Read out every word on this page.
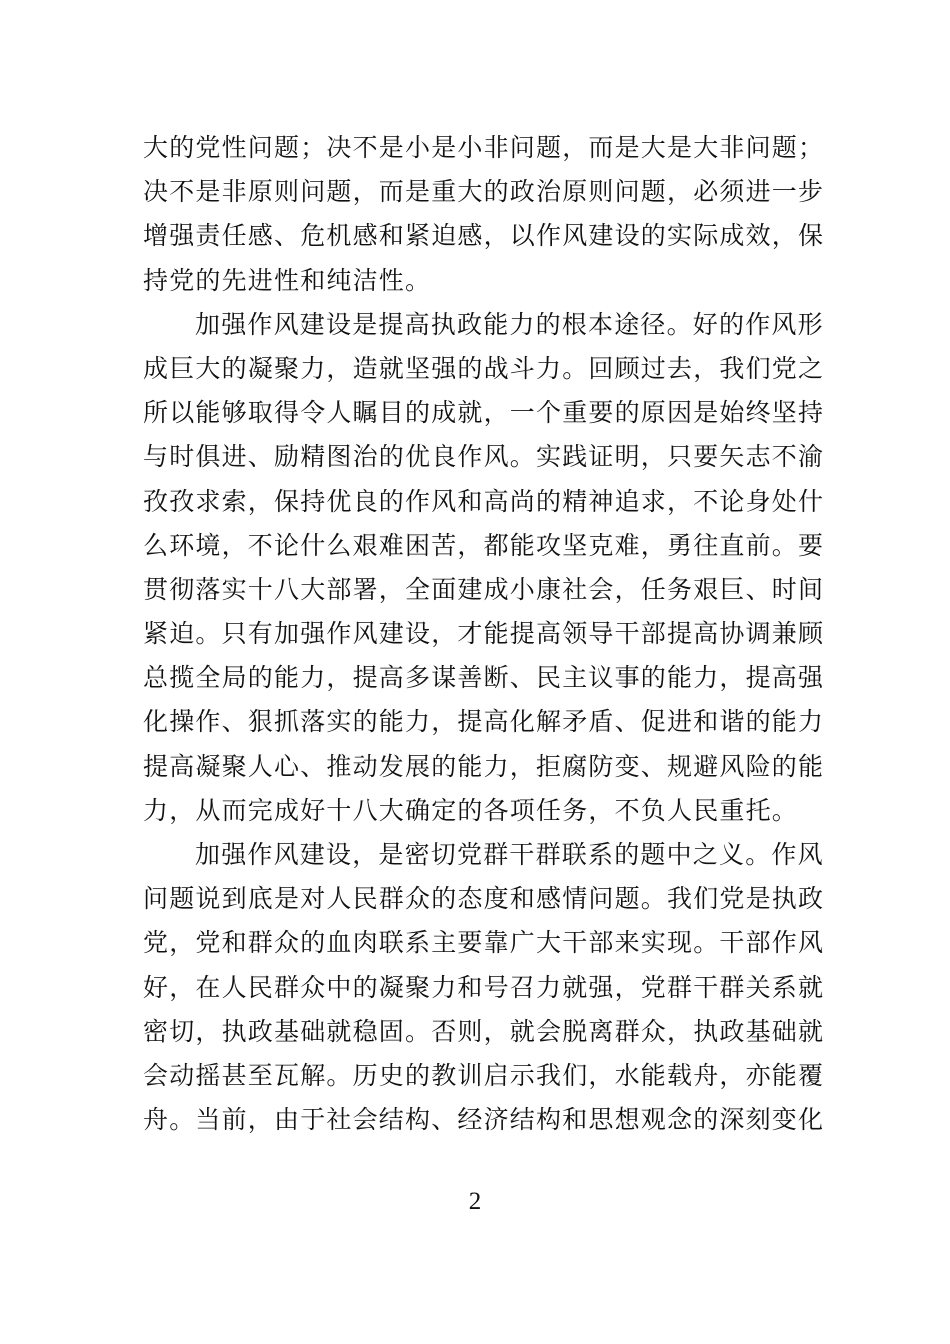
大的党性问题；决不是小是小非问题，而是大是大非问题；
决不是非原则问题，而是重大的政治原则问题，必须进一步
增强责任感、危机感和紧迫感，以作风建设的实际成效，保
持党的先进性和纯洁性。
加强作风建设是提高执政能力的根本途径。好的作风形
成巨大的凝聚力，造就坚强的战斗力。回顾过去，我们党之
所以能够取得令人瞩目的成就，一个重要的原因是始终坚持
与时俱进、励精图治的优良作风。实践证明，只要矢志不渝
孜孜求索，保持优良的作风和高尚的精神追求，不论身处什
么环境，不论什么艰难困苦，都能攻坚克难，勇往直前。要
贯彻落实十八大部署，全面建成小康社会，任务艰巨、时间
紧迫。只有加强作风建设，才能提高领导干部提高协调兼顾
总揽全局的能力，提高多谋善断、民主议事的能力，提高强
化操作、狠抓落实的能力，提高化解矛盾、促进和谐的能力
提高凝聚人心、推动发展的能力，拒腐防变、规避风险的能
力，从而完成好十八大确定的各项任务，不负人民重托。
加强作风建设，是密切党群干群联系的题中之义。作风
问题说到底是对人民群众的态度和感情问题。我们党是执政
党，党和群众的血肉联系主要靠广大干部来实现。干部作风
好，在人民群众中的凝聚力和号召力就强，党群干群关系就
密切，执政基础就稳固。否则，就会脱离群众，执政基础就
会动摇甚至瓦解。历史的教训启示我们，水能载舟，亦能覆
舟。当前，由于社会结构、经济结构和思想观念的深刻变化
2
